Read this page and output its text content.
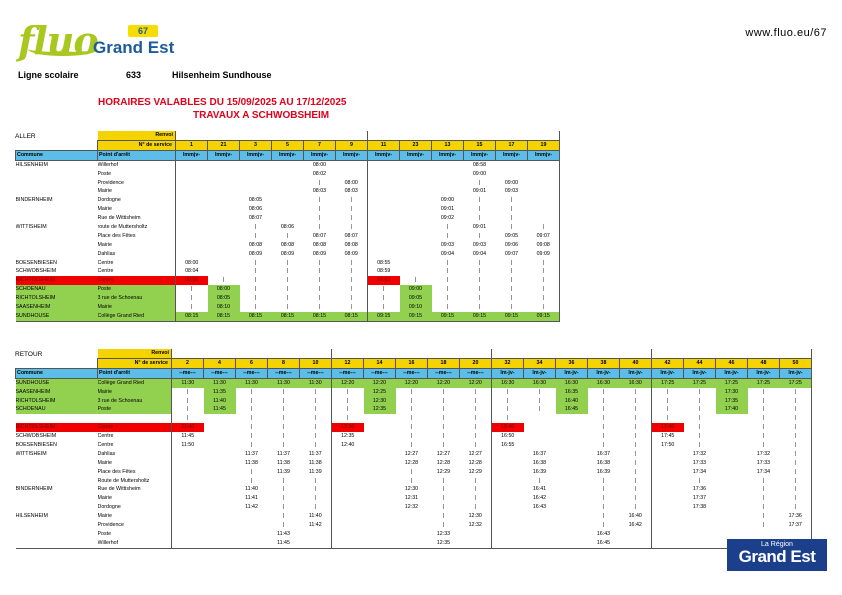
fluo
Grand Est
67	www.fluo.eu/67
Ligne scolaire	633	Hilsenheim Sundhouse
HORAIRES VALABLES DU 15/09/2025 AU 17/12/2025
TRAVAUX A SCHWOBSHEIM
ALLER
RETOUR
	Renvoi												
	N° de service	1	21	3	5	7	9	11	23	13	15	17	19
Commune	Point d'arrêt	lmmjv-	lmmjv-	lmmjv-	lmmjv-	lmmjv-	lmmjv-	lmmjv-	lmmjv-	lmmjv-	lmmjv-	lmmjv-	lmmjv-
HILSENHEIM	Willerhof					08:00					08:58		
	Poste					08:02					09:00		
	Providence					|	08:00				|	09:00	
	Mairie					08:03	08:03				09:01	09:03	
BINDERNHEIM	Dordogne			08:05		|	|			09:00	|	|	
	Mairie			08:06		|	|			09:01	|	|	
	Rue de Wittisheim			08:07		|	|			09:02	|	|	
WITTISHEIM	route de Muttersholtz			|	08:06	|	|			|	09:01	|	|
	Place des Fêtes			|	|	08:07	08:07			|	|	09:05	09:07
	Mairie			08:08	08:08	08:08	08:08			09:03	09:03	09:06	09:08
	Dahlias			08:09	08:09	08:09	08:09			09:04	09:04	09:07	09:09
BOESENBIESEN	Centre	08:00		|	|	|	|	08:55		|	|	|	|
SCHWOBSHEIM	Centre	08:04		|	|	|	|	08:59		|	|	|	|
RICHTOLSHEIM	Centre	08:08	|	|	|	|	|	09:03	|	|	|	|	|
SCHOENAU	Poste	|	08:00	|	|	|	|	|	09:00	|	|	|	|
RICHTOLSHEIM	3 rue de Schoenau	|	08:05	|	|	|	|	|	09:05	|	|	|	|
SAASENHEIM	Mairie	|	08:10	|	|	|	|	|	09:10	|	|	|	|
SUNDHOUSE	Collège Grand Ried	08:15	08:15	08:15	08:15	08:15	08:15	09:15	09:15	09:15	09:15	09:15	09:15
	Renvoi																				
	N° de service	2	4	6	8	10	12	14	16	18	20	32	34	36	38	40	42	44	46	48	50
Commune	Point d'arrêt	--me---	--me---	--me---	--me---	--me---	--me---	--me---	--me---	--me---	--me---	lm-jv-	lm-jv-	lm-jv-	lm-jv-	lm-jv-	lm-jv-	lm-jv-	lm-jv-	lm-jv-	lm-jv-
SUNDHOUSE	Collège Grand Ried	11:30	11:30	11:30	11:30	11:30	12:20	12:20	12:20	12:20	12:20	16:30	16:30	16:30	16:30	16:30	17:25	17:25	17:25	17:25	17:25
SAASENHEIM	Mairie	|	11:35	|	|	|	|	12:25	|	|	|	|	|	16:35	|	|	|	|	17:30	|	|
RICHTOLSHEIM	3 rue de Schoenau	|	11:40	|	|	|	|	12:30	|	|	|	|	|	16:40	|	|	|	|	17:35	|	|
SCHOENAU	Poste	|	11:45	|	|	|	|	12:35	|	|	|	|	|	16:45	|	|	|	|	17:40	|	|
		|		|	|	|	|		|	|	|	|			|	|	|	|		|	|
RICHTOLSHEIM	Centre	11:40		|	|	|	12:30		|	|	|	16:40			|	|	17:40	|		|	|
SCHWOBSHEIM	Centre	11:45		|	|	|	12:35		|	|	|	16:50			|	|	17:45	|		|	|
BOESENBIESEN	Centre	11:50		|	|	|	12:40		|	|	|	16:55			|	|	17:50	|		|	|
WITTISHEIM	Dahlias			11:37	11:37	11:37			12:27	12:27	12:27		16:37		16:37	|		17:32		17:32	|
	Mairie			11:38	11:38	11:38			12:28	12:28	12:28		16:38		16:38	|		17:33		17:33	|
	Place des Fêtes			|	11:39	11:39			|	12:29	12:29		16:39		16:39	|		17:34		17:34	|
	Route de Muttersholtz			|	|	|			|	|	|		|		|	|		|		|	|
BINDERNHEIM	Rue de Wittisheim			11:40	|	|			12:30	|	|		16:41		|	|		17:36		|	|
	Mairie			11:41	|	|			12:31	|	|		16:42		|	|		17:37		|	|
	Dordogne			11:42	|	|			12:32	|	|		16:43		|	|		17:38		|	|
HILSENHEIM	Mairie				|	11:40				|	12:30				|	16:40				|	17:36
	Providence				|	11:42				|	12:32				|	16:42				|	17:37
	Poste				11:43					12:33					16:43						
	Willerhof				11:45					12:35					16:45							La Région
Grand Est
